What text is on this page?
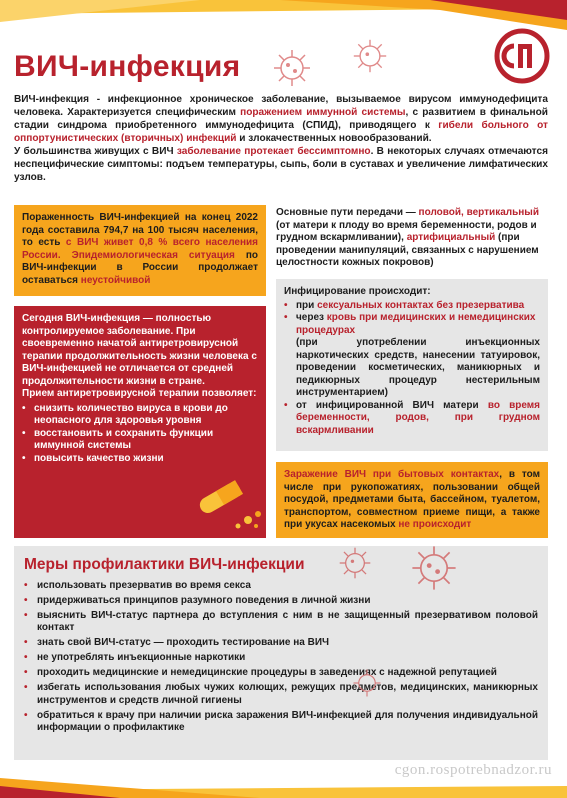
ВИЧ-инфекция

ВИЧ-инфекция - инфекционное хроническое заболевание, вызываемое вирусом иммунодефицита человека. Характеризуется специфическим поражением иммунной системы, с развитием в финальной стадии синдрома приобретенного иммунодефицита (СПИД), приводящего к гибели больного от оппортунистических (вторичных) инфекций и злокачественных новообразований.

У большинства живущих с ВИЧ заболевание протекает бессимптомно. В некоторых случаях отмечаются неспецифические симптомы: подъем температуры, сыпь, боли в суставах и увеличение лимфатических узлов.

Пораженность ВИЧ-инфекцией на конец 2022 года составила 794,7 на 100 тысяч населения, то есть с ВИЧ живет 0,8 % всего населения России. Эпидемиологическая ситуация по ВИЧ-инфекции в России продолжает оставаться неустойчивой
Основные пути передачи — половой, вертикальный (от матери к плоду во время беременности, родов и грудном вскармливании), артифициальный (при проведении манипуляций, связанных с нарушением целостности кожных покровов)
Сегодня ВИЧ-инфекция — полностью контролируемое заболевание. При своевременно начатой антиретровирусной терапии продолжительность жизни человека с ВИЧ-инфекцией не отличается от средней продолжительности жизни в стране.
Прием антиретровирусной терапии позволяет:
• снизить количество вируса в крови до неопасного для здоровья уровня
• восстановить и сохранить функции иммунной системы
• повысить качество жизни
Инфицирование происходит:
• при сексуальных контактах без презерватива
• через кровь при медицинских и немедицинских процедурах
(при употреблении инъекционных наркотических средств, нанесении татуировок, проведении косметических, маникюрных и педикюрных процедур нестерильным инструментарием)
• от инфицированной ВИЧ матери во время беременности, родов, при грудном вскармливании
Заражение ВИЧ при бытовых контактах, в том числе при рукопожатиях, пользовании общей посудой, предметами быта, бассейном, туалетом, транспортом, совместном приеме пищи, а также при укусах насекомых не происходит
Меры профилактики ВИЧ-инфекции
• использовать презерватив во время секса
• придерживаться принципов разумного поведения в личной жизни
• выяснить ВИЧ-статус партнера до вступления с ним в не защищенный презервативом половой контакт
• знать свой ВИЧ-статус — проходить тестирование на ВИЧ
• не употреблять инъекционные наркотики
• проходить медицинские и немедицинские процедуры в заведениях с надежной репутацией
• избегать использования любых чужих колющих, режущих предметов, медицинских, маникюрных инструментов и средств личной гигиены
• обратиться к врачу при наличии риска заражения ВИЧ-инфекцией для получения индивидуальной информации о профилактике
cgon.rospotrebnadzor.ru
